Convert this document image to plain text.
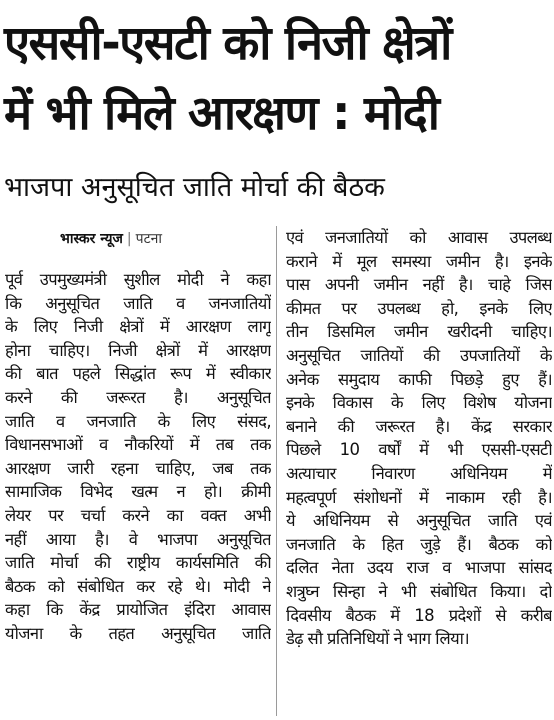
एससी-एसटी को निजी क्षेत्रों
में भी मिले आरक्षण : मोदी
भाजपा अनुसूचित जाति मोर्चा की बैठक
भास्कर न्यूज | पटना
पूर्व उपमुख्यमंत्री सुशील मोदी ने कहा
कि अनुसूचित जाति व जनजातियों
के लिए निजी क्षेत्रों में आरक्षण लागू
होना चाहिए। निजी क्षेत्रों में आरक्षण
की बात पहले सिद्धांत रूप में स्वीकार
करने की जरूरत है। अनुसूचित
जाति व जनजाति के लिए संसद,
विधानसभाओं व नौकरियों में तब तक
आरक्षण जारी रहना चाहिए, जब तक
सामाजिक विभेद खत्म न हो। क्रीमी
लेयर पर चर्चा करने का वक्त अभी
नहीं आया है। वे भाजपा अनुसूचित
जाति मोर्चा की राष्ट्रीय कार्यसमिति की
बैठक को संबोधित कर रहे थे। मोदी ने
कहा कि केंद्र प्रायोजित इंदिरा आवास
योजना के तहत अनुसूचित जाति
एवं जनजातियों को आवास उपलब्ध
कराने में मूल समस्या जमीन है। इनके
पास अपनी जमीन नहीं है। चाहे जिस
कीमत पर उपलब्ध हो, इनके लिए
तीन डिसमिल जमीन खरीदनी चाहिए।
अनुसूचित जातियों की उपजातियों के
अनेक समुदाय काफी पिछड़े हुए हैं।
इनके विकास के लिए विशेष योजना
बनाने की जरूरत है। केंद्र सरकार
पिछले 10 वर्षों में भी एससी-एसटी
अत्याचार निवारण अधिनियम में
महत्वपूर्ण संशोधनों में नाकाम रही है।
ये अधिनियम से अनुसूचित जाति एवं
जनजाति के हित जुड़े हैं। बैठक को
दलित नेता उदय राज व भाजपा सांसद
शत्रुघ्न सिन्हा ने भी संबोधित किया। दो
दिवसीय बैठक में 18 प्रदेशों से करीब
डेढ़ सौ प्रतिनिधियों ने भाग लिया।
